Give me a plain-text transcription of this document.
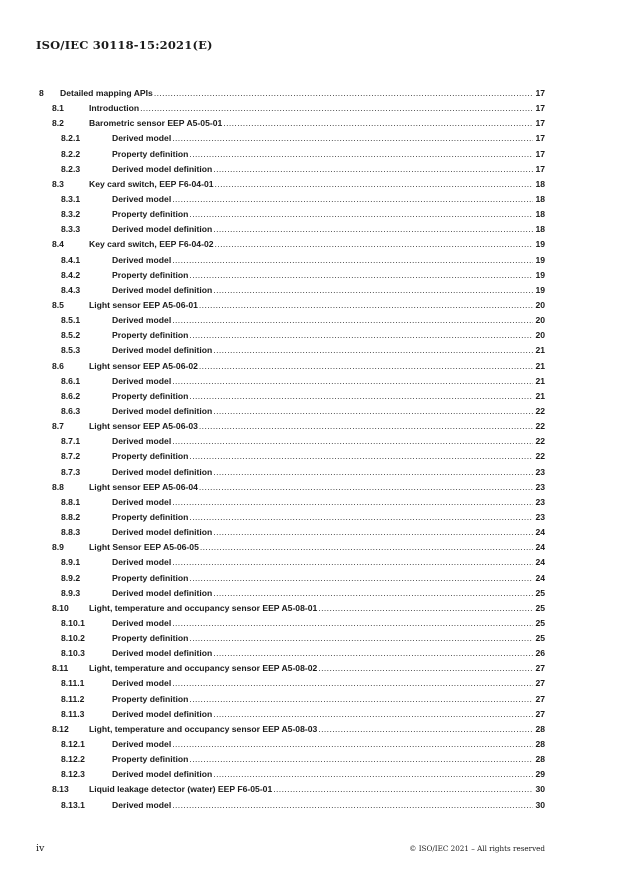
ISO/IEC 30118-15:2021(E)
8	Detailed mapping APIs .....	17
8.1	Introduction .....	17
8.2	Barometric sensor EEP A5-05-01 .....	17
8.2.1	Derived model .....	17
8.2.2	Property definition .....	17
8.2.3	Derived model definition .....	17
8.3	Key card switch, EEP F6-04-01 .....	18
8.3.1	Derived model .....	18
8.3.2	Property definition .....	18
8.3.3	Derived model definition .....	18
8.4	Key card switch, EEP F6-04-02 .....	19
8.4.1	Derived model .....	19
8.4.2	Property definition .....	19
8.4.3	Derived model definition .....	19
8.5	Light sensor EEP A5-06-01 .....	20
8.5.1	Derived model .....	20
8.5.2	Property definition .....	20
8.5.3	Derived model definition .....	21
8.6	Light sensor EEP A5-06-02 .....	21
8.6.1	Derived model .....	21
8.6.2	Property definition .....	21
8.6.3	Derived model definition .....	22
8.7	Light sensor EEP A5-06-03 .....	22
8.7.1	Derived model .....	22
8.7.2	Property definition .....	22
8.7.3	Derived model definition .....	23
8.8	Light sensor EEP A5-06-04 .....	23
8.8.1	Derived model .....	23
8.8.2	Property definition .....	23
8.8.3	Derived model definition .....	24
8.9	Light Sensor EEP A5-06-05 .....	24
8.9.1	Derived model .....	24
8.9.2	Property definition .....	24
8.9.3	Derived model definition .....	25
8.10	Light, temperature and occupancy sensor EEP A5-08-01 .....	25
8.10.1	Derived model .....	25
8.10.2	Property definition .....	25
8.10.3	Derived model definition .....	26
8.11	Light, temperature and occupancy sensor EEP A5-08-02 .....	27
8.11.1	Derived model .....	27
8.11.2	Property definition .....	27
8.11.3	Derived model definition .....	27
8.12	Light, temperature and occupancy sensor EEP A5-08-03 .....	28
8.12.1	Derived model .....	28
8.12.2	Property definition .....	28
8.12.3	Derived model definition .....	29
8.13	Liquid leakage detector (water) EEP F6-05-01 .....	30
8.13.1	Derived model .....	30
iv	© ISO/IEC 2021 – All rights reserved
